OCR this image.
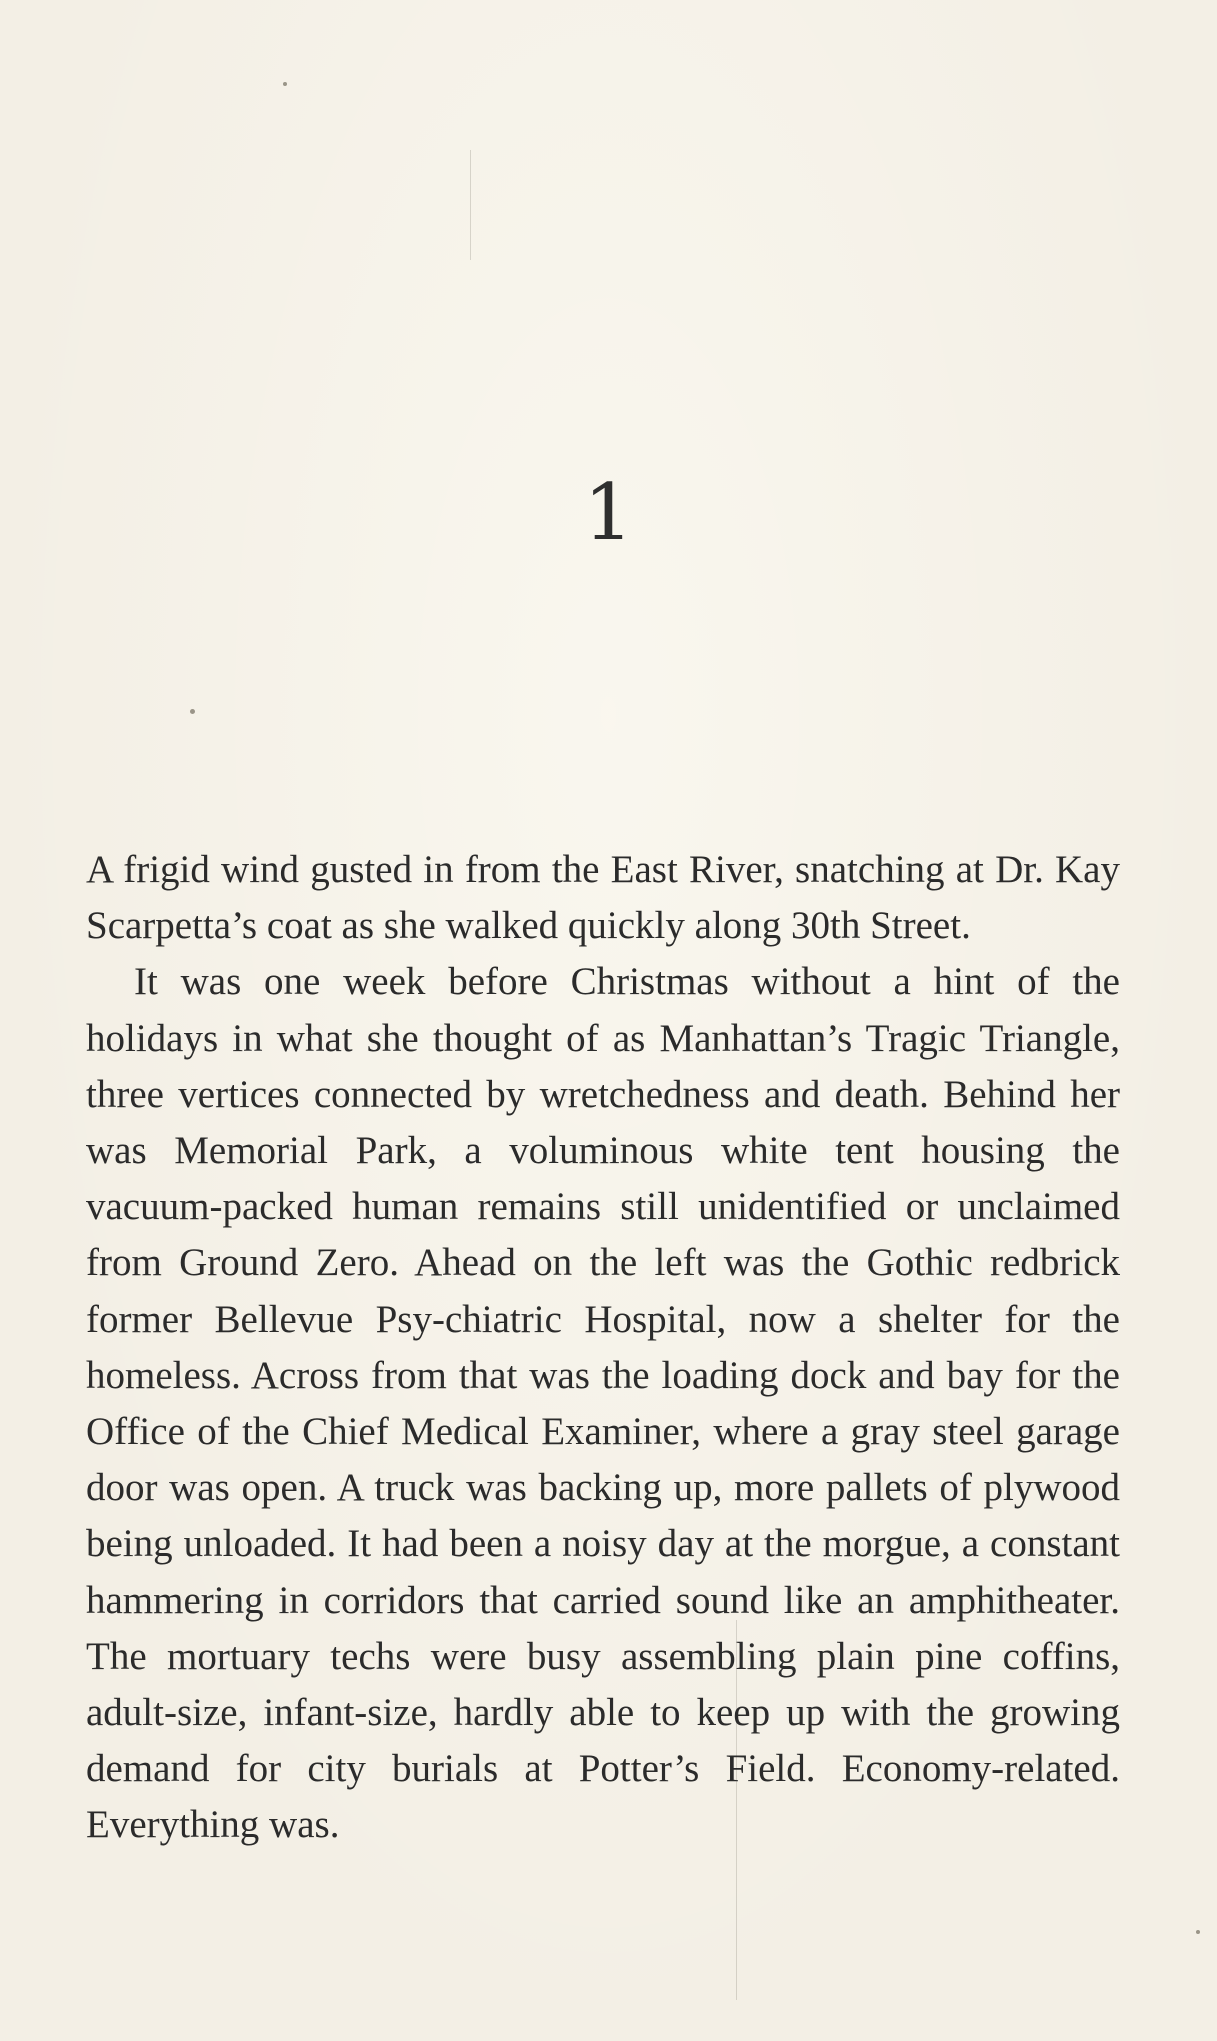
1

A frigid wind gusted in from the East River, snatching at Dr. Kay Scarpetta’s coat as she walked quickly along 30th Street.

It was one week before Christmas without a hint of the holidays in what she thought of as Manhattan’s Tragic Triangle, three vertices connected by wretchedness and death. Behind her was Memorial Park, a voluminous white tent housing the vacuum-packed human remains still unidentified or unclaimed from Ground Zero. Ahead on the left was the Gothic redbrick former Bellevue Psy-chiatric Hospital, now a shelter for the homeless. Across from that was the loading dock and bay for the Office of the Chief Medical Examiner, where a gray steel garage door was open. A truck was backing up, more pallets of plywood being unloaded. It had been a noisy day at the morgue, a constant hammering in corridors that carried sound like an amphitheater. The mortuary techs were busy assembling plain pine coffins, adult-size, infant-size, hardly able to keep up with the growing demand for city burials at Potter’s Field. Economy-related. Everything was.
